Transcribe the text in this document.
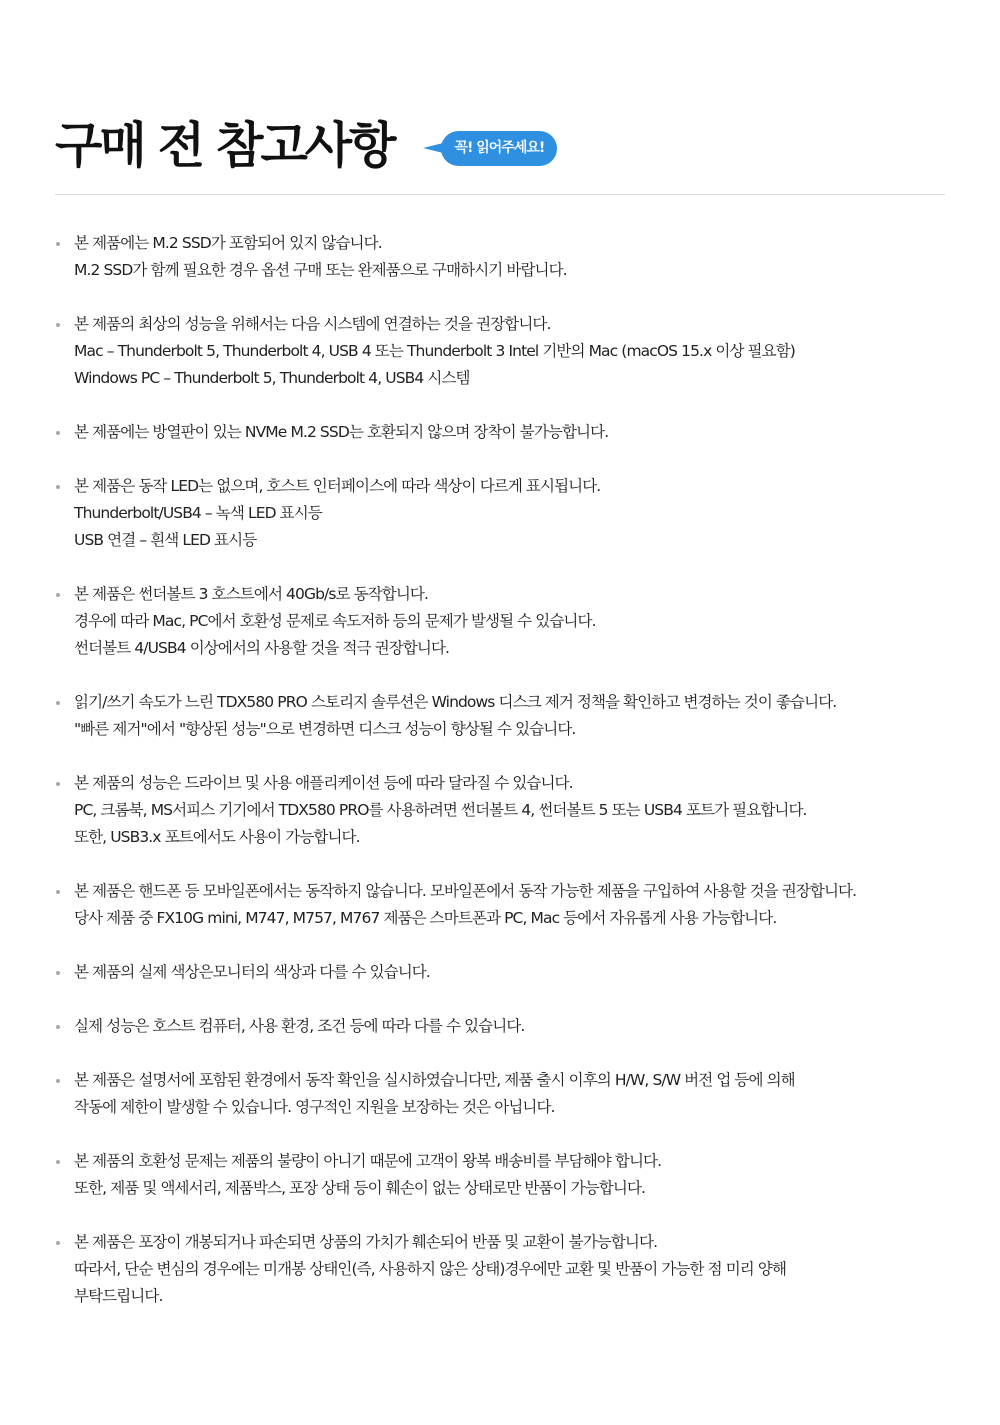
구매 전 참고사항	꼭! 읽어주세요!
본 제품에는 M.2 SSD가 포함되어 있지 않습니다.
M.2 SSD가 함께 필요한 경우 옵션 구매 또는 완제품으로 구매하시기 바랍니다.
본 제품의 최상의 성능을 위해서는 다음 시스템에 연결하는 것을 권장합니다.
Mac – Thunderbolt 5, Thunderbolt 4, USB 4 또는 Thunderbolt 3 Intel 기반의 Mac (macOS 15.x 이상 필요함)
Windows PC – Thunderbolt 5, Thunderbolt 4, USB4 시스템
본 제품에는 방열판이 있는 NVMe M.2 SSD는 호환되지 않으며 장착이 불가능합니다.
본 제품은 동작 LED는 없으며, 호스트 인터페이스에 따라 색상이 다르게 표시됩니다.
Thunderbolt/USB4 – 녹색 LED 표시등
USB 연결 – 흰색 LED 표시등
본 제품은 썬더볼트 3 호스트에서 40Gb/s로 동작합니다.
경우에 따라 Mac, PC에서 호환성 문제로 속도저하 등의 문제가 발생될 수 있습니다.
썬더볼트 4/USB4 이상에서의 사용할 것을 적극 권장합니다.
읽기/쓰기 속도가 느린 TDX580 PRO 스토리지 솔루션은 Windows 디스크 제거 정책을 확인하고 변경하는 것이 좋습니다.
"빠른 제거"에서 "향상된 성능"으로 변경하면 디스크 성능이 향상될 수 있습니다.
본 제품의 성능은 드라이브 및 사용 애플리케이션 등에 따라 달라질 수 있습니다.
PC, 크롬북, MS서피스 기기에서 TDX580 PRO를 사용하려면 썬더볼트 4, 썬더볼트 5 또는 USB4 포트가 필요합니다.
또한, USB3.x 포트에서도 사용이 가능합니다.
본 제품은 핸드폰 등 모바일폰에서는 동작하지 않습니다. 모바일폰에서 동작 가능한 제품을 구입하여 사용할 것을 권장합니다.
당사 제품 중 FX10G mini, M747, M757, M767 제품은 스마트폰과 PC, Mac 등에서 자유롭게 사용 가능합니다.
본 제품의 실제 색상은모니터의 색상과 다를 수 있습니다.
실제 성능은 호스트 컴퓨터, 사용 환경, 조건 등에 따라 다를 수 있습니다.
본 제품은 설명서에 포함된 환경에서 동작 확인을 실시하였습니다만, 제품 출시 이후의 H/W, S/W 버전 업 등에 의해
작동에 제한이 발생할 수 있습니다. 영구적인 지원을 보장하는 것은 아닙니다.
본 제품의 호환성 문제는 제품의 불량이 아니기 때문에 고객이 왕복 배송비를 부담해야 합니다.
또한, 제품 및 액세서리, 제품박스, 포장 상태 등이 훼손이 없는 상태로만 반품이 가능합니다.
본 제품은 포장이 개봉되거나 파손되면 상품의 가치가 훼손되어 반품 및 교환이 불가능합니다.
따라서, 단순 변심의 경우에는 미개봉 상태인(즉, 사용하지 않은 상태)경우에만 교환 및 반품이 가능한 점 미리 양해
부탁드립니다.
